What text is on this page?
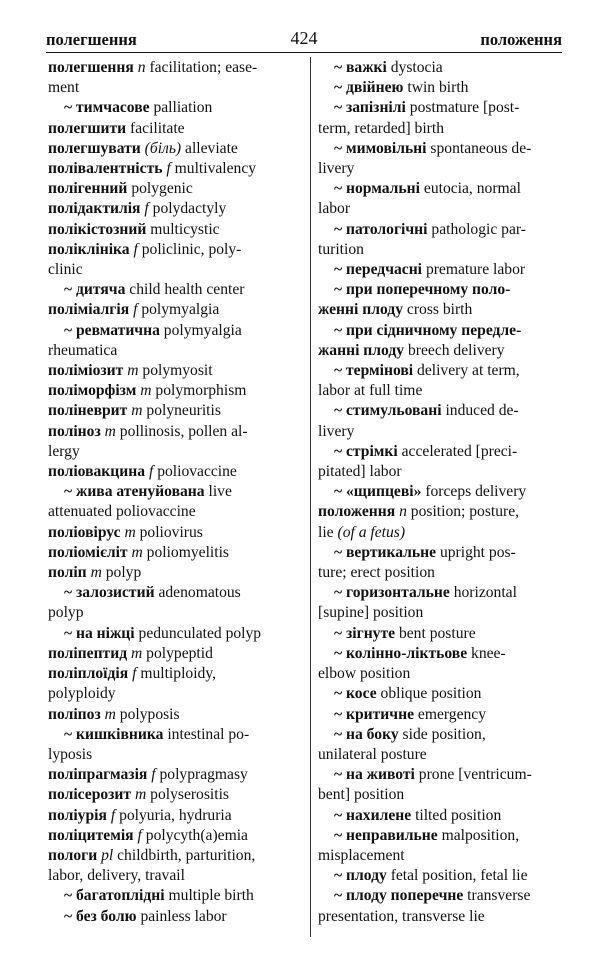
полегшення	424	положення
полегшення n facilitation; ease-
ment
~ тимчасове palliation
полегшити facilitate
полегшувати (біль) alleviate
полівалентність f multivalency
полігенний polygenic
полідактилія f polydactyly
полікістозний multicystic
поліклініка f policlinic, poly-
clinic
~ дитяча child health center
поліміалгія f polymyalgia
~ ревматична polymyalgia
rheumatica
поліміозит m polymyosit
поліморфізм m polymorphism
поліневрит m polyneuritis
поліноз m pollinosis, pollen al-
lergy
поліовакцина f poliovaccine
~ жива атенуйована live
attenuated poliovaccine
поліовірус m poliovirus
поліомієліт m poliomyelitis
поліп m polyp
~ залозистий adenomatous
polyp
~ на ніжці pedunculated polyp
поліпептид m polypeptid
поліплоїдія f multiploidy,
polyploidy
поліпоз m polyposis
~ кишківника intestinal po-
lyposis
поліпрагмазія f polypragmasy
полісерозит m polyserositis
поліурія f polyuria, hydruria
поліцитемія f polycyth(a)emia
пологи pl childbirth, parturition,
labor, delivery, travail
~ багатоплідні multiple birth
~ без болю painless labor
~ важкі dystocia
~ двійнею twin birth
~ запізнілі postmature [post-
term, retarded] birth
~ мимовільні spontaneous de-
livery
~ нормальні eutocia, normal
labor
~ патологічні pathologic par-
turition
~ передчасні premature labor
~ при поперечному поло-
женні плоду cross birth
~ при сідничному передле-
жанні плоду breech delivery
~ термінові delivery at term,
labor at full time
~ стимульовані induced de-
livery
~ стрімкі accelerated [preci-
pitated] labor
~ «щипцеві» forceps delivery
положення n position; posture,
lie (of a fetus)
~ вертикальне upright pos-
ture; erect position
~ горизонтальне horizontal
[supine] position
~ зігнуте bent posture
~ колінно-ліктьове knee-
elbow position
~ косе oblique position
~ критичне emergency
~ на боку side position,
unilateral posture
~ на животі prone [ventricum-
bent] position
~ нахилене tilted position
~ неправильне malposition,
misplacement
~ плоду fetal position, fetal lie
~ плоду поперечне transverse
presentation, transverse lie
